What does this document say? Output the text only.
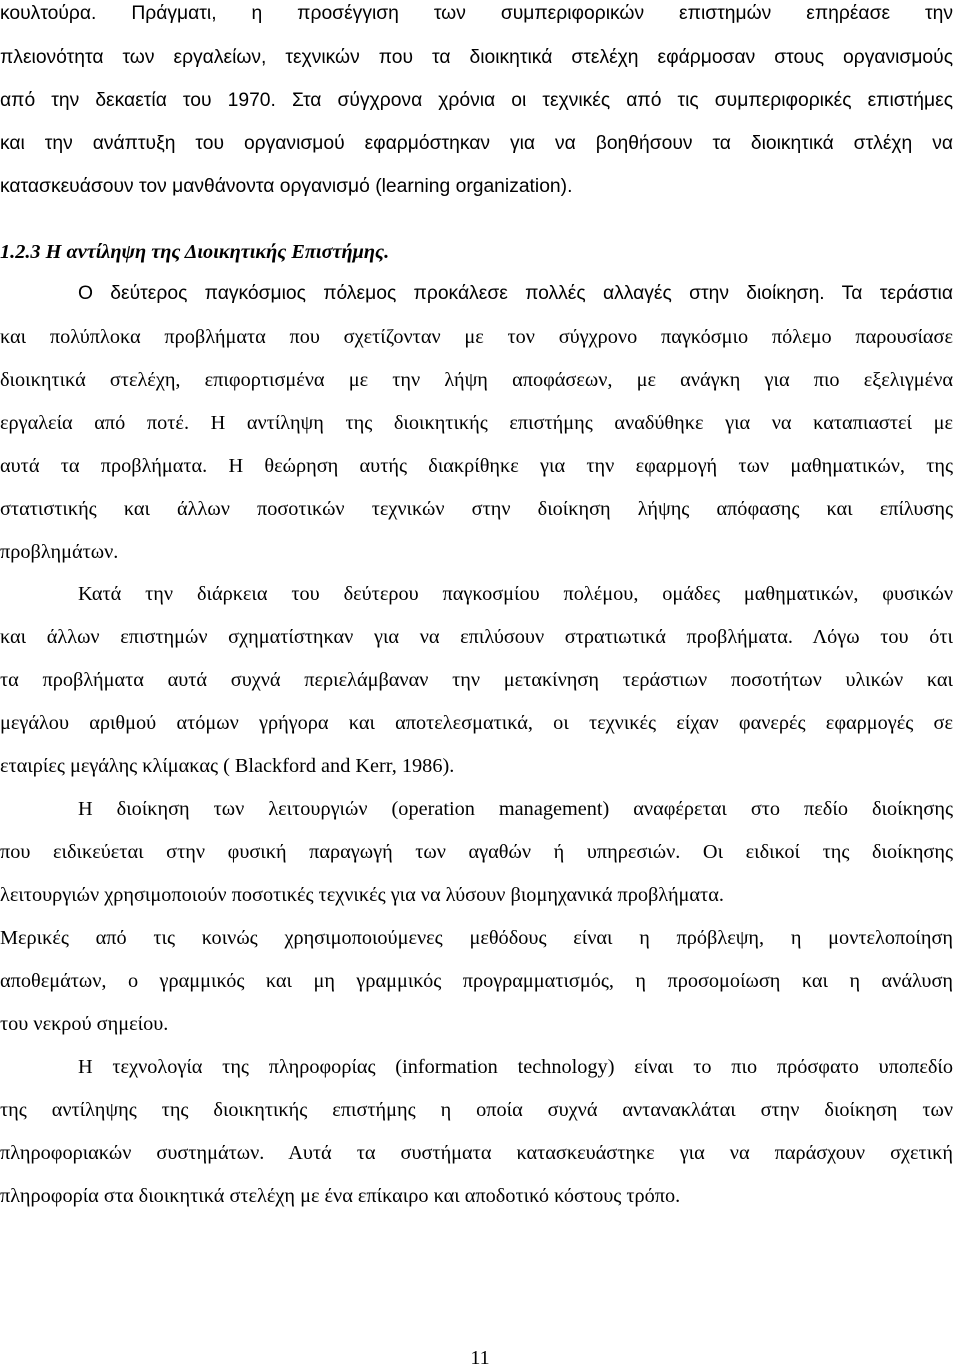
κουλτούρα. Πράγματι, η προσέγγιση των συμπεριφορικών επιστημών επηρέασε την
πλειονότητα των εργαλείων, τεχνικών που τα διοικητικά στελέχη εφάρμοσαν στους οργανισμούς
από την δεκαετία του 1970. Στα σύγχρονα χρόνια οι τεχνικές από τις συμπεριφορικές επιστήμες
και την ανάπτυξη του οργανισμού εφαρμόστηκαν για να βοηθήσουν τα διοικητικά στλέχη να
κατασκευάσουν τον μανθάνοντα οργανισμό (learning organization).
1.2.3 Η αντίληψη της Διοικητικής Επιστήμης.
Ο δεύτερος παγκόσμιος πόλεμος προκάλεσε πολλές αλλαγές στην διοίκηση. Τα τεράστια
και πολύπλοκα προβλήματα που σχετίζονταν με τον σύγχρονο παγκόσμιο πόλεμο παρουσίασε
διοικητικά στελέχη, επιφορτισμένα με την λήψη αποφάσεων, με ανάγκη για πιο εξελιγμένα
εργαλεία από ποτέ. Η αντίληψη της διοικητικής επιστήμης αναδύθηκε για να καταπιαστεί με
αυτά τα προβλήματα. Η θεώρηση αυτής διακρίθηκε για την εφαρμογή των μαθηματικών, της
στατιστικής και άλλων ποσοτικών τεχνικών στην διοίκηση λήψης απόφασης και επίλυσης
προβλημάτων.
Κατά την διάρκεια του δεύτερου παγκοσμίου πολέμου, ομάδες μαθηματικών, φυσικών
και άλλων επιστημών σχηματίστηκαν για να επιλύσουν στρατιωτικά προβλήματα. Λόγω του ότι
τα προβλήματα αυτά συχνά περιελάμβαναν την μετακίνηση τεράστιων ποσοτήτων υλικών και
μεγάλου αριθμού ατόμων γρήγορα και αποτελεσματικά, οι τεχνικές είχαν φανερές εφαρμογές σε
εταιρίες μεγάλης κλίμακας ( Blackford and Kerr, 1986).
Η διοίκηση των λειτουργιών (operation management) αναφέρεται στο πεδίο διοίκησης
που ειδικεύεται στην φυσική παραγωγή των αγαθών ή υπηρεσιών. Οι ειδικοί της διοίκησης
λειτουργιών χρησιμοποιούν ποσοτικές τεχνικές για να λύσουν βιομηχανικά προβλήματα.
Μερικές από τις κοινώς χρησιμοποιούμενες μεθόδους είναι η πρόβλεψη, η μοντελοποίηση
αποθεμάτων, ο γραμμικός και μη γραμμικός προγραμματισμός, η προσομοίωση και η ανάλυση
του νεκρού σημείου.
Η τεχνολογία της πληροφορίας (information technology) είναι το πιο πρόσφατο υποπεδίο
της αντίληψης της διοικητικής επιστήμης η οποία συχνά αντανακλάται στην διοίκηση των
πληροφοριακών συστημάτων. Αυτά τα συστήματα κατασκευάστηκε για να παράσχουν σχετική
πληροφορία στα διοικητικά στελέχη με ένα επίκαιρο και αποδοτικό κόστους τρόπο.
11
